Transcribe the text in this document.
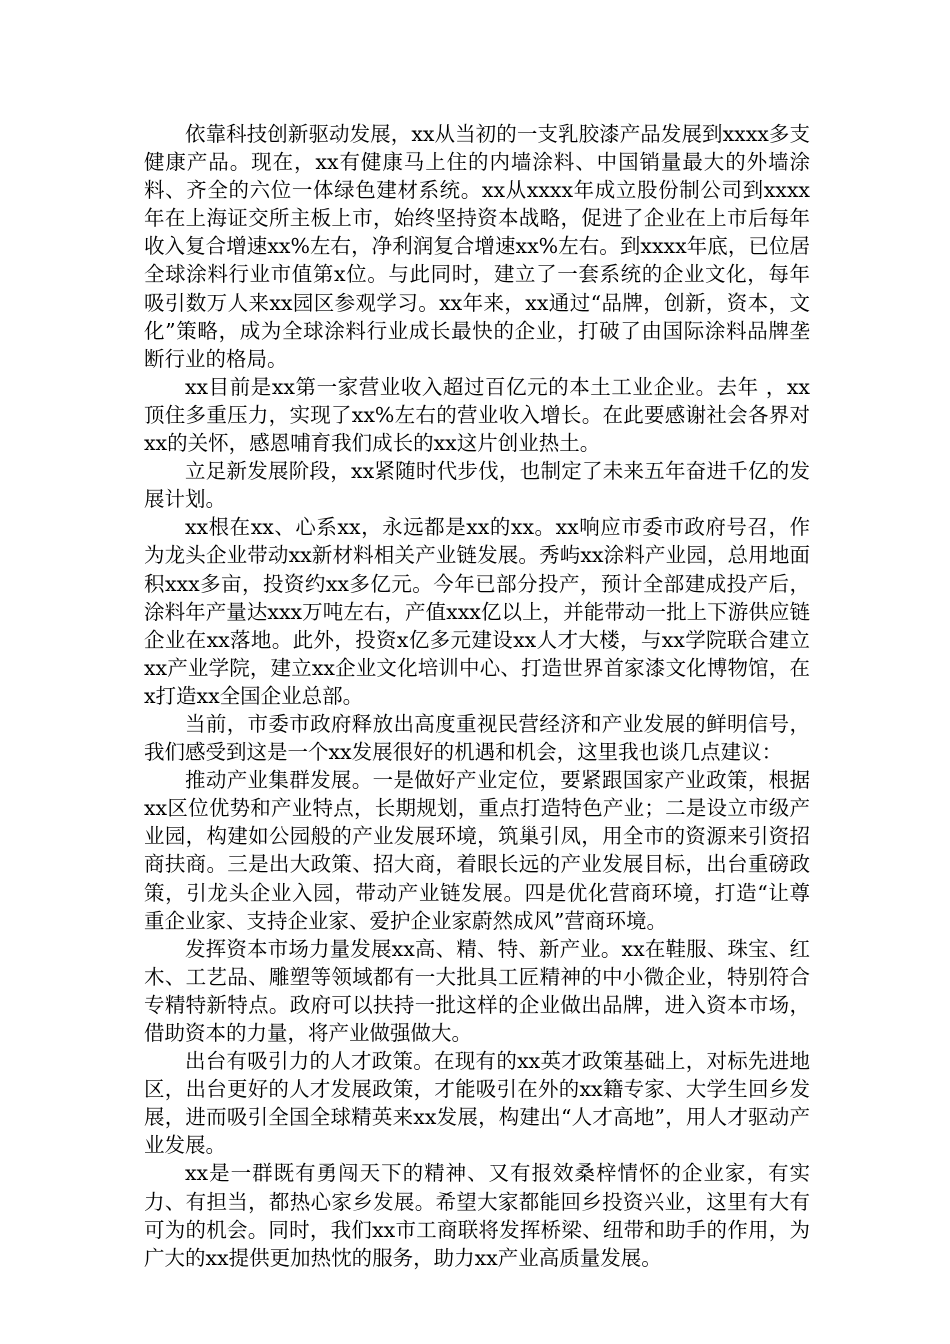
依靠科技创新驱动发展，xx从当初的一支乳胶漆产品发展到xxxx多支健康产品。现在，xx有健康马上住的内墙涂料、中国销量最大的外墙涂料、齐全的六位一体绿色建材系统。xx从xxxx年成立股份制公司到xxxx年在上海证交所主板上市，始终坚持资本战略，促进了企业在上市后每年收入复合增速xx%左右，净利润复合增速xx%左右。到xxxx年底，已位居全球涂料行业市值第x位。与此同时，建立了一套系统的企业文化，每年吸引数万人来xx园区参观学习。xx年来，xx通过“品牌，创新，资本，文化”策略，成为全球涂料行业成长最快的企业，打破了由国际涂料品牌垄断行业的格局。

xx目前是xx第一家营业收入超过百亿元的本土工业企业。去年 ，xx顶住多重压力，实现了xx%左右的营业收入增长。在此要感谢社会各界对xx的关怀，感恩哺育我们成长的xx这片创业热土。

立足新发展阶段，xx紧随时代步伐，也制定了未来五年奋进千亿的发展计划。

xx根在xx、心系xx，永远都是xx的xx。xx响应市委市政府号召，作为龙头企业带动xx新材料相关产业链发展。秀屿xx涂料产业园，总用地面积xxx多亩，投资约xx多亿元。今年已部分投产，预计全部建成投产后，涂料年产量达xxx万吨左右，产值xxx亿以上，并能带动一批上下游供应链企业在xx落地。此外，投资x亿多元建设xx人才大楼，与xx学院联合建立xx产业学院，建立xx企业文化培训中心、打造世界首家漆文化博物馆，在x打造xx全国企业总部。

当前，市委市政府释放出高度重视民营经济和产业发展的鲜明信号，我们感受到这是一个xx发展很好的机遇和机会，这里我也谈几点建议：

推动产业集群发展。一是做好产业定位，要紧跟国家产业政策，根据xx区位优势和产业特点，长期规划，重点打造特色产业；二是设立市级产业园，构建如公园般的产业发展环境，筑巢引凤，用全市的资源来引资招商扶商。三是出大政策、招大商，着眼长远的产业发展目标，出台重磅政策，引龙头企业入园，带动产业链发展。四是优化营商环境，打造“让尊重企业家、支持企业家、爱护企业家蔚然成风”营商环境。

发挥资本市场力量发展xx高、精、特、新产业。xx在鞋服、珠宝、红木、工艺品、雕塑等领域都有一大批具工匠精神的中小微企业，特别符合专精特新特点。政府可以扶持一批这样的企业做出品牌，进入资本市场，借助资本的力量，将产业做强做大。

出台有吸引力的人才政策。在现有的xx英才政策基础上，对标先进地区，出台更好的人才发展政策，才能吸引在外的xx籍专家、大学生回乡发展，进而吸引全国全球精英来xx发展，构建出“人才高地”，用人才驱动产业发展。

xx是一群既有勇闯天下的精神、又有报效桑梓情怀的企业家，有实力、有担当，都热心家乡发展。希望大家都能回乡投资兴业，这里有大有可为的机会。同时，我们xx市工商联将发挥桥梁、纽带和助手的作用，为广大的xx提供更加热忱的服务，助力xx产业高质量发展。
